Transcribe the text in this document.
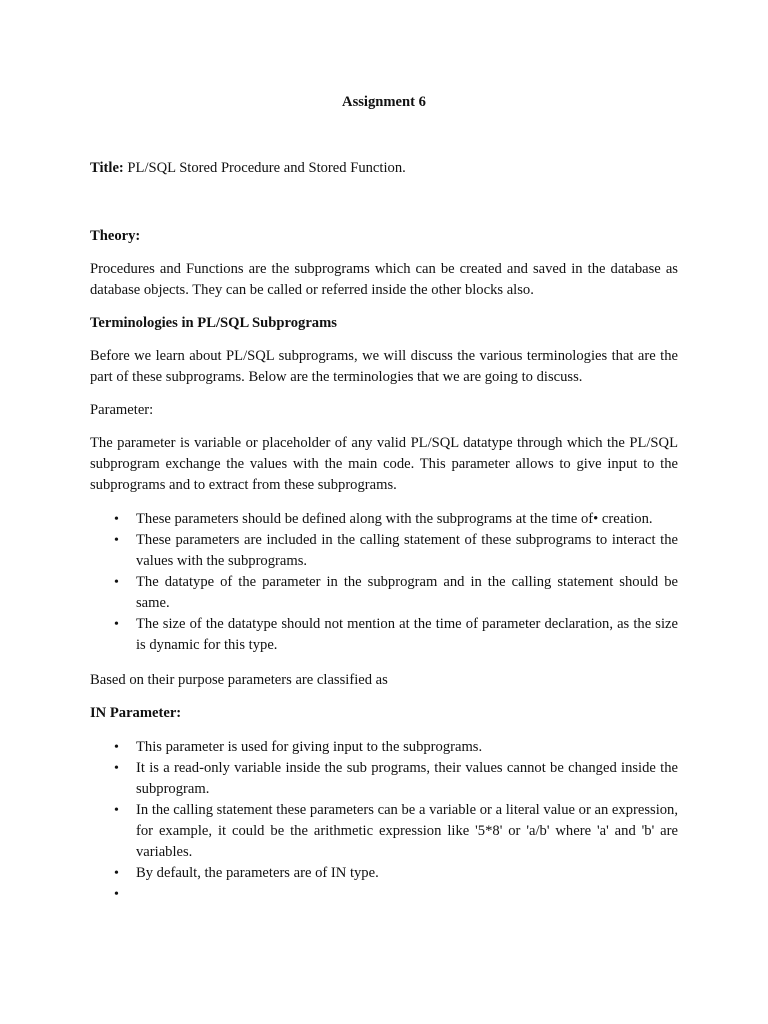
Assignment 6

Title: PL/SQL Stored Procedure and Stored Function.

Theory:

Procedures and Functions are the subprograms which can be created and saved in the database as database objects. They can be called or referred inside the other blocks also.

Terminologies in PL/SQL Subprograms

Before we learn about PL/SQL subprograms, we will discuss the various terminologies that are the part of these subprograms. Below are the terminologies that we are going to discuss.

Parameter:

The parameter is variable or placeholder of any valid PL/SQL datatype through which the PL/SQL subprogram exchange the values with the main code. This parameter allows to give input to the subprograms and to extract from these subprograms.

• These parameters should be defined along with the subprograms at the time of• creation.
• These parameters are included in the calling statement of these subprograms to interact the values with the subprograms.
• The datatype of the parameter in the subprogram and in the calling statement should be same.
• The size of the datatype should not mention at the time of parameter declaration, as the size is dynamic for this type.

Based on their purpose parameters are classified as

IN Parameter:

• This parameter is used for giving input to the subprograms.
• It is a read-only variable inside the sub programs, their values cannot be changed inside the subprogram.
• In the calling statement these parameters can be a variable or a literal value or an expression, for example, it could be the arithmetic expression like '5*8' or 'a/b' where 'a' and 'b' are variables.
• By default, the parameters are of IN type.
•
